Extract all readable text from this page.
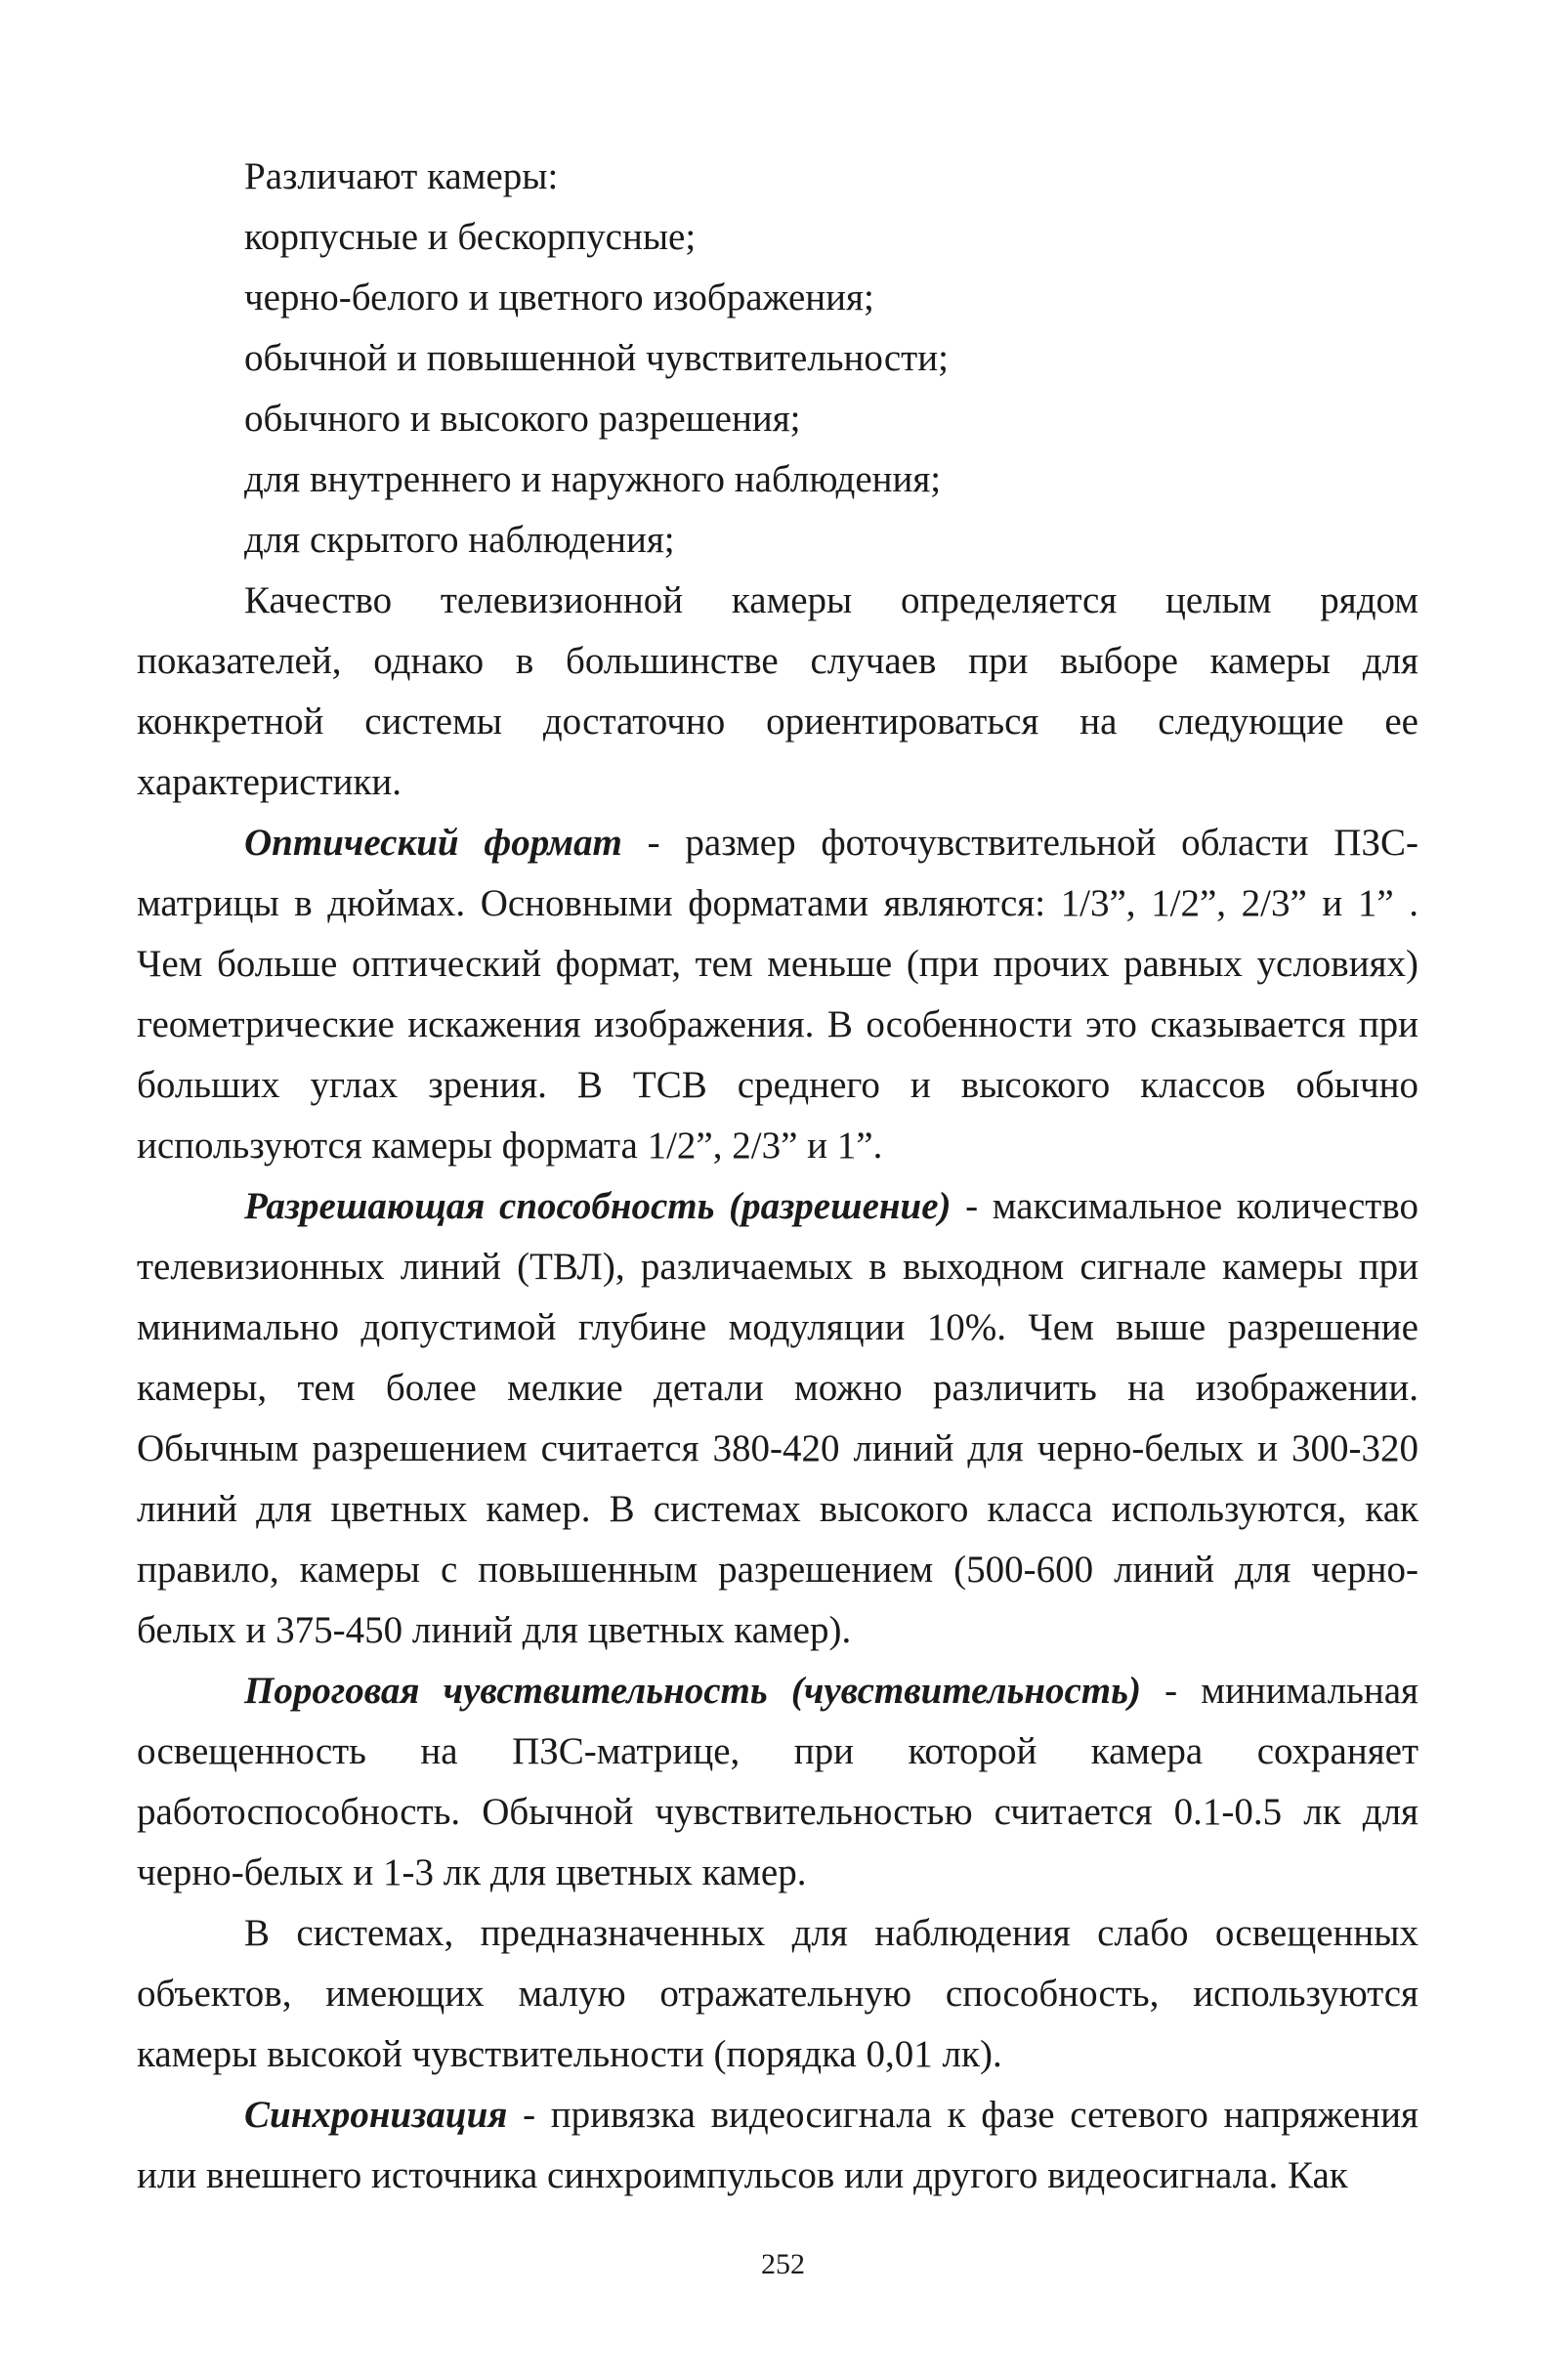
Различают камеры:

корпусные и бескорпусные;
черно-белого и цветного изображения;
обычной и повышенной чувствительности;
обычного и высокого разрешения;
для внутреннего и наружного наблюдения;
для скрытого наблюдения;

Качество телевизионной камеры определяется целым рядом показателей, однако в большинстве случаев при выборе камеры для конкретной системы достаточно ориентироваться на следующие ее характеристики.

Оптический формат - размер фоточувствительной области ПЗС-матрицы в дюймах. Основными форматами являются: 1/3”, 1/2”, 2/3” и 1” . Чем больше оптический формат, тем меньше (при прочих равных условиях) геометрические искажения изображения. В особенности это сказывается при больших углах зрения. В ТСВ среднего и высокого классов обычно используются камеры формата 1/2”, 2/3” и 1”.

Разрешающая способность (разрешение) - максимальное количество телевизионных линий (ТВЛ), различаемых в выходном сигнале камеры при минимально допустимой глубине модуляции 10%. Чем выше разрешение камеры, тем более мелкие детали можно различить на изображении. Обычным разрешением считается 380-420 линий для черно-белых и 300-320 линий для цветных камер. В системах высокого класса используются, как правило, камеры с повышенным разрешением (500-600 линий для черно-белых и 375-450 линий для цветных камер).

Пороговая чувствительность (чувствительность) - минимальная освещенность на ПЗС-матрице, при которой камера сохраняет работоспособность. Обычной чувствительностью считается 0.1-0.5 лк для черно-белых и 1-3 лк для цветных камер.

В системах, предназначенных для наблюдения слабо освещенных объектов, имеющих малую отражательную способность, используются камеры высокой чувствительности (порядка 0,01 лк).

Синхронизация - привязка видеосигнала к фазе сетевого напряжения или внешнего источника синхроимпульсов или другого видеосигнала. Как

252
